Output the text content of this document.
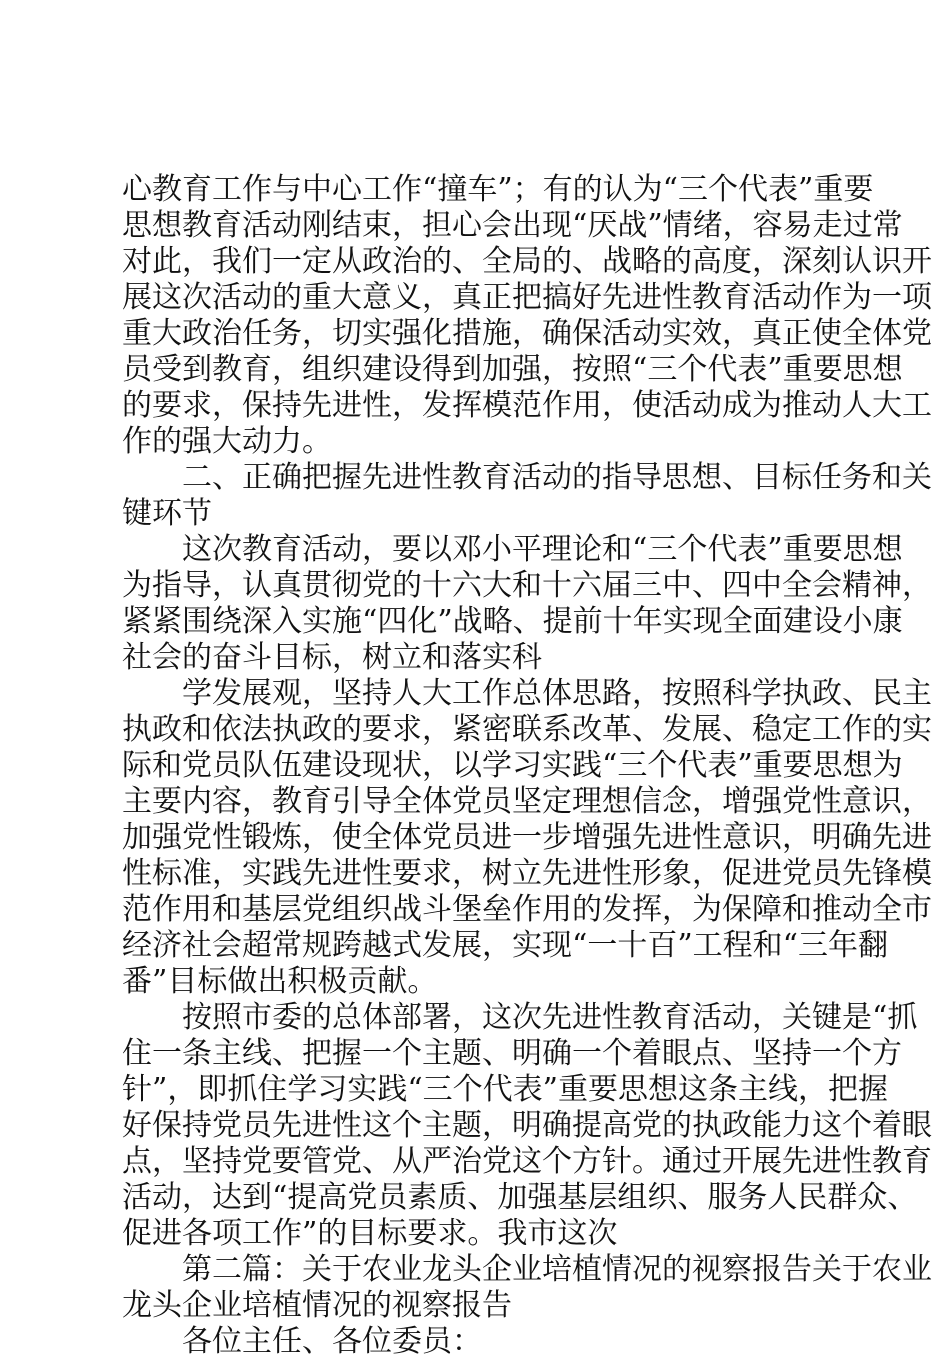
心教育工作与中心工作“撞车”；有的认为“三个代表”重要
思想教育活动刚结束，担心会出现“厌战”情绪，容易走过常
对此，我们一定从政治的、全局的、战略的高度，深刻认识开
展这次活动的重大意义，真正把搞好先进性教育活动作为一项
重大政治任务，切实强化措施，确保活动实效，真正使全体党
员受到教育，组织建设得到加强，按照“三个代表”重要思想
的要求，保持先进性，发挥模范作用，使活动成为推动人大工
作的强大动力。
二、正确把握先进性教育活动的指导思想、目标任务和关
键环节
这次教育活动，要以邓小平理论和“三个代表”重要思想
为指导，认真贯彻党的十六大和十六届三中、四中全会精神，
紧紧围绕深入实施“四化”战略、提前十年实现全面建设小康
社会的奋斗目标，树立和落实科
学发展观，坚持人大工作总体思路，按照科学执政、民主
执政和依法执政的要求，紧密联系改革、发展、稳定工作的实
际和党员队伍建设现状，以学习实践“三个代表”重要思想为
主要内容，教育引导全体党员坚定理想信念，增强党性意识，
加强党性锻炼，使全体党员进一步增强先进性意识，明确先进
性标准，实践先进性要求，树立先进性形象，促进党员先锋模
范作用和基层党组织战斗堡垒作用的发挥，为保障和推动全市
经济社会超常规跨越式发展，实现“一十百”工程和“三年翻
番”目标做出积极贡献。
按照市委的总体部署，这次先进性教育活动，关键是“抓
住一条主线、把握一个主题、明确一个着眼点、坚持一个方
针”，即抓住学习实践“三个代表”重要思想这条主线，把握
好保持党员先进性这个主题，明确提高党的执政能力这个着眼
点，坚持党要管党、从严治党这个方针。通过开展先进性教育
活动，达到“提高党员素质、加强基层组织、服务人民群众、
促进各项工作”的目标要求。我市这次
第二篇：关于农业龙头企业培植情况的视察报告关于农业
龙头企业培植情况的视察报告
各位主任、各位委员：
